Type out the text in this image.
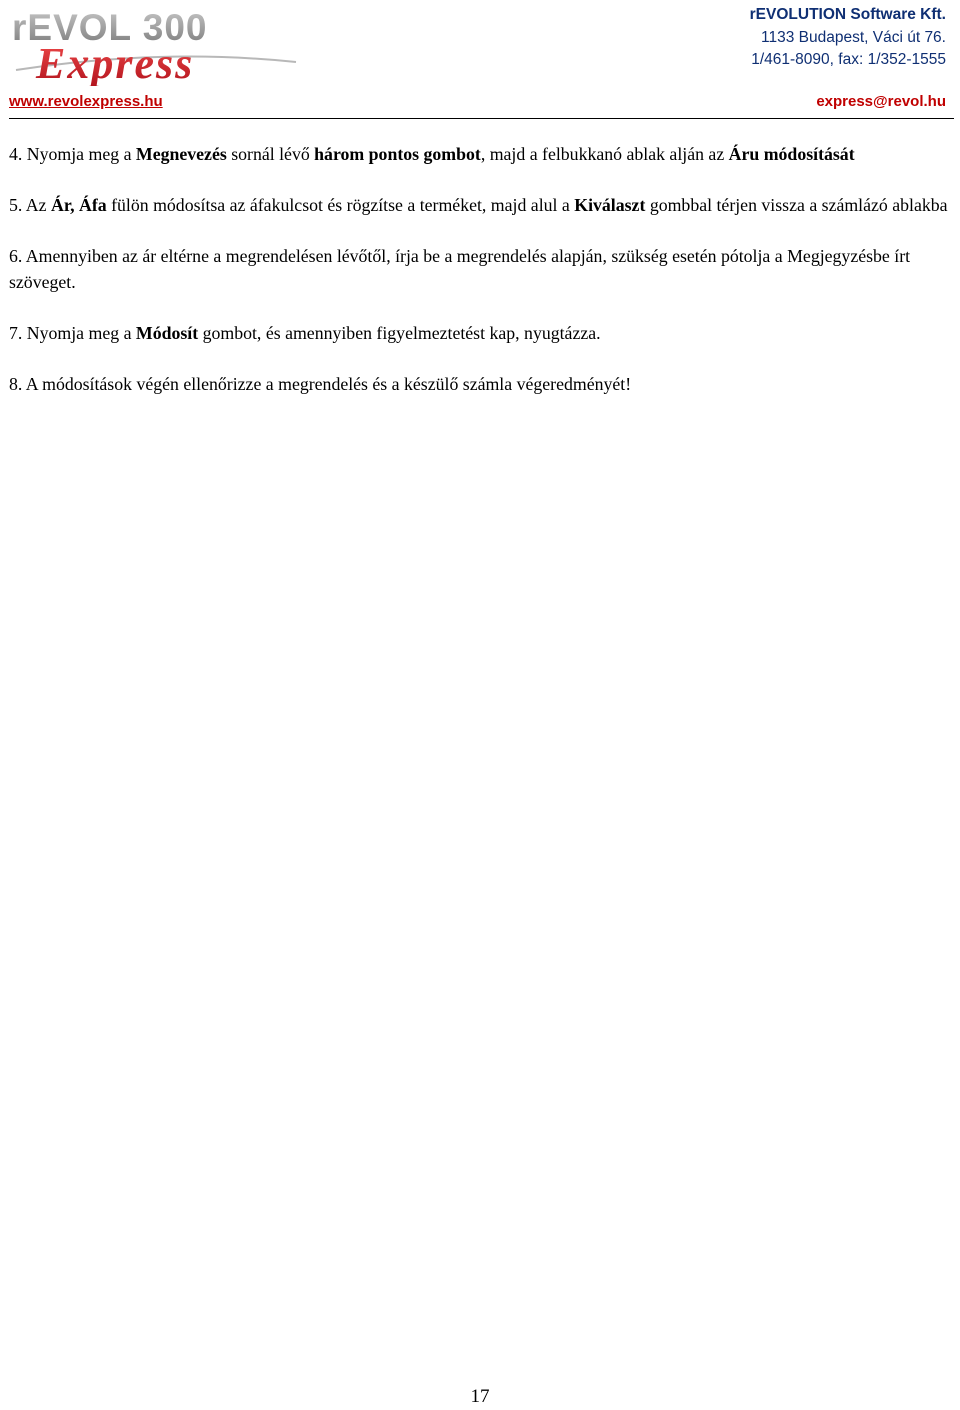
rEVOL 300
Express
rEVOLUTION Software Kft.
1133 Budapest, Váci út 76.
1/461-8090, fax: 1/352-1555
www.revolexpress.hu	express@revol.hu

4. Nyomja meg a Megnevezés sornál lévő három pontos gombot, majd a felbukkanó ablak alján az Áru módosítását

5. Az Ár, Áfa fülön módosítsa az áfakulcsot és rögzítse a terméket, majd alul a Kiválaszt gombbal térjen vissza a számlázó ablakba

6. Amennyiben az ár eltérne a megrendelésen lévőtől, írja be a megrendelés alapján, szükség esetén pótolja a Megjegyzésbe írt szöveget.

7. Nyomja meg a Módosít gombot, és amennyiben figyelmeztetést kap, nyugtázza.

8. A módosítások végén ellenőrizze a megrendelés és a készülő számla végeredményét!

17
